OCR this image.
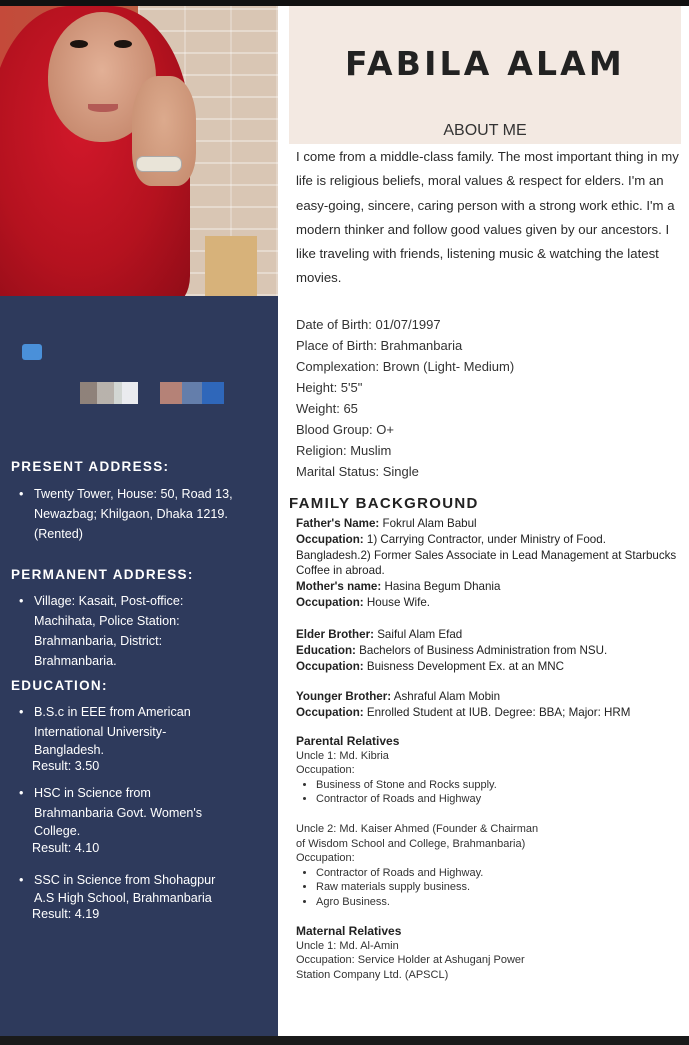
PRESENT ADDRESS:
• Twenty Tower, House: 50, Road 13,
Newazbag; Khilgaon, Dhaka 1219.
(Rented)
PERMANENT ADDRESS:
• Village: Kasait, Post-office:
Machihata, Police Station:
Brahmanbaria, District:
Brahmanbaria.
EDUCATION:
• B.S.c in EEE from American
International University-
Bangladesh.
Result: 3.50
• HSC in Science from
Brahmanbaria Govt. Women's
College.
Result: 4.10
• SSC in Science from Shohagpur
A.S High School, Brahmanbaria
Result: 4.19
FABILA ALAM
ABOUT ME

I come from a middle-class family. The most important thing in my life is religious beliefs, moral values & respect for elders. I'm an easy-going, sincere, caring person with a strong work ethic. I'm a modern thinker and follow good values given by our ancestors. I like traveling with friends, listening music & watching the latest movies.

Date of Birth: 01/07/1997
Place of Birth: Brahmanbaria
Complexation: Brown (Light- Medium)
Height: 5'5"
Weight: 65
Blood Group: O+
Religion: Muslim
Marital Status: Single
FAMILY BACKGROUND
Father's Name: Fokrul Alam Babul
Occupation: 1) Carrying Contractor, under Ministry of Food. Bangladesh.2) Former Sales Associate in Lead Management at Starbucks Coffee in abroad.
Mother's name: Hasina Begum Dhania
Occupation: House Wife.
Elder Brother: Saiful Alam Efad
Education: Bachelors of Business Administration from NSU.
Occupation: Buisness Development Ex. at an MNC
Younger Brother: Ashraful Alam Mobin
Occupation: Enrolled Student at IUB. Degree: BBA; Major: HRM
Parental Relatives
Uncle 1: Md. Kibria
Occupation:
• Business of Stone and Rocks supply.
• Contractor of Roads and Highway
Uncle 2: Md. Kaiser Ahmed (Founder & Chairman
of Wisdom School and College, Brahmanbaria)
Occupation:
• Contractor of Roads and Highway.
• Raw materials supply business.
• Agro Business.
Maternal Relatives
Uncle 1: Md. Al-Amin
Occupation: Service Holder at Ashuganj Power
Station Company Ltd. (APSCL)
